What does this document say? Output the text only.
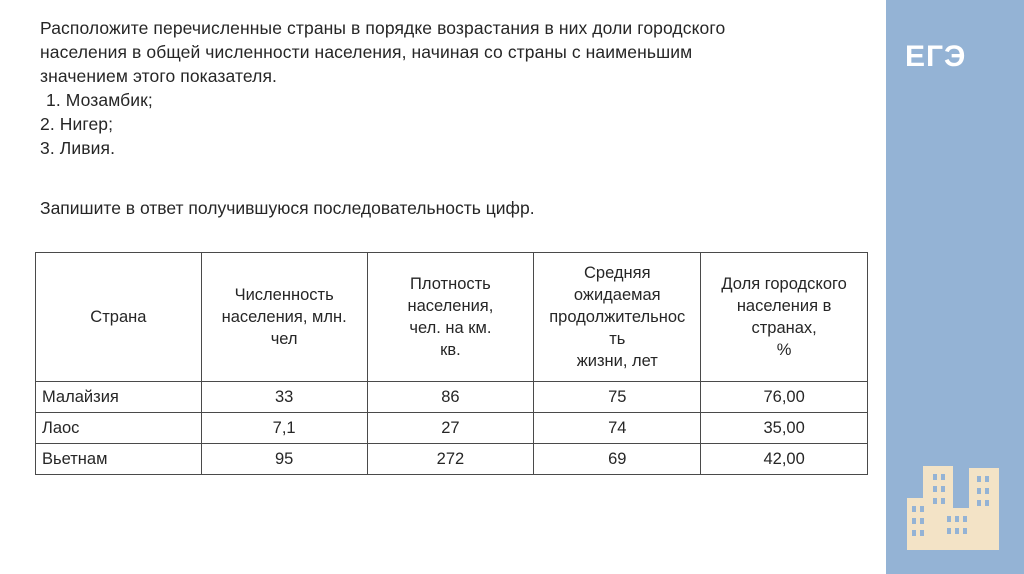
Расположите перечисленные страны в порядке возрастания в них доли городского
населения в общей численности населения, начиная со страны с наименьшим
значением этого показателя.
1. Мозамбик;
2. Нигер;
3. Ливия.
Запишите в ответ получившуюся последовательность цифр.
Страна	Численность
населения, млн.
чел	Плотность
населения,
чел. на км.
кв.	Средняя
ожидаемая
продолжительнос
ть
жизни, лет	Доля городского
населения в
странах,
%
Малайзия	33	86	75	76,00
Лаос	7,1	27	74	35,00
Вьетнам	95	272	69	42,00
ЕГЭ
